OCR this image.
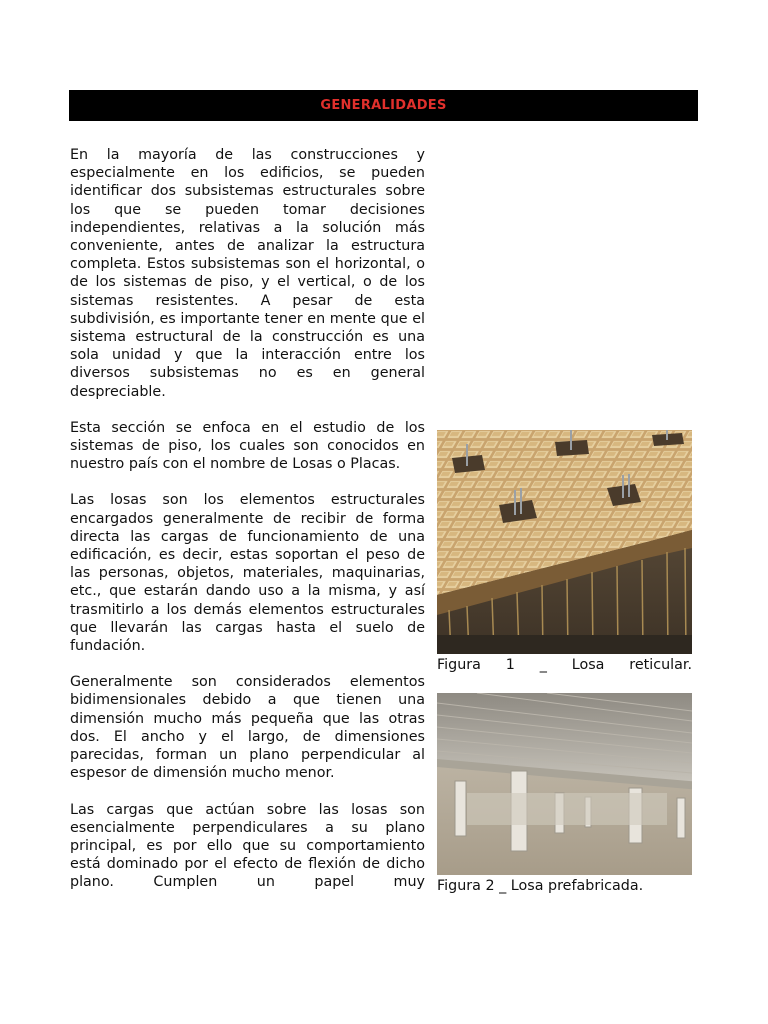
GENERALIDADES

En la mayoría de las construcciones y especialmente en los edificios, se pueden identificar dos subsistemas estructurales sobre los que se pueden tomar decisiones independientes, relativas a la solución más conveniente, antes de analizar la estructura completa. Estos subsistemas son el horizontal, o de los sistemas de piso, y el vertical, o de los sistemas resistentes. A pesar de esta subdivisión, es importante tener en mente que el sistema estructural de la construcción es una sola unidad y que la interacción entre los diversos subsistemas no es en general despreciable.

Esta sección se enfoca en el estudio de los sistemas de piso, los cuales son conocidos en nuestro país con el nombre de Losas o Placas.

Las losas son los elementos estructurales encargados generalmente de recibir de forma directa las cargas de funcionamiento de una edificación, es decir, estas soportan el peso de las personas, objetos, materiales, maquinarias, etc., que estarán dando uso a la misma, y así trasmitirlo a los demás elementos estructurales que llevarán las cargas hasta el suelo de fundación.

Generalmente son considerados elementos bidimensionales debido a que tienen una dimensión mucho más pequeña que las otras dos. El ancho y el largo, de dimensiones parecidas, forman un plano perpendicular al espesor de dimensión mucho menor.

Las cargas que actúan sobre las losas son esencialmente perpendiculares a su plano principal, es por ello que su comportamiento está dominado por el efecto de flexión de dicho plano. Cumplen un papel muy

Figura 1 _ Losa reticular.
Figura 2 _ Losa prefabricada.
